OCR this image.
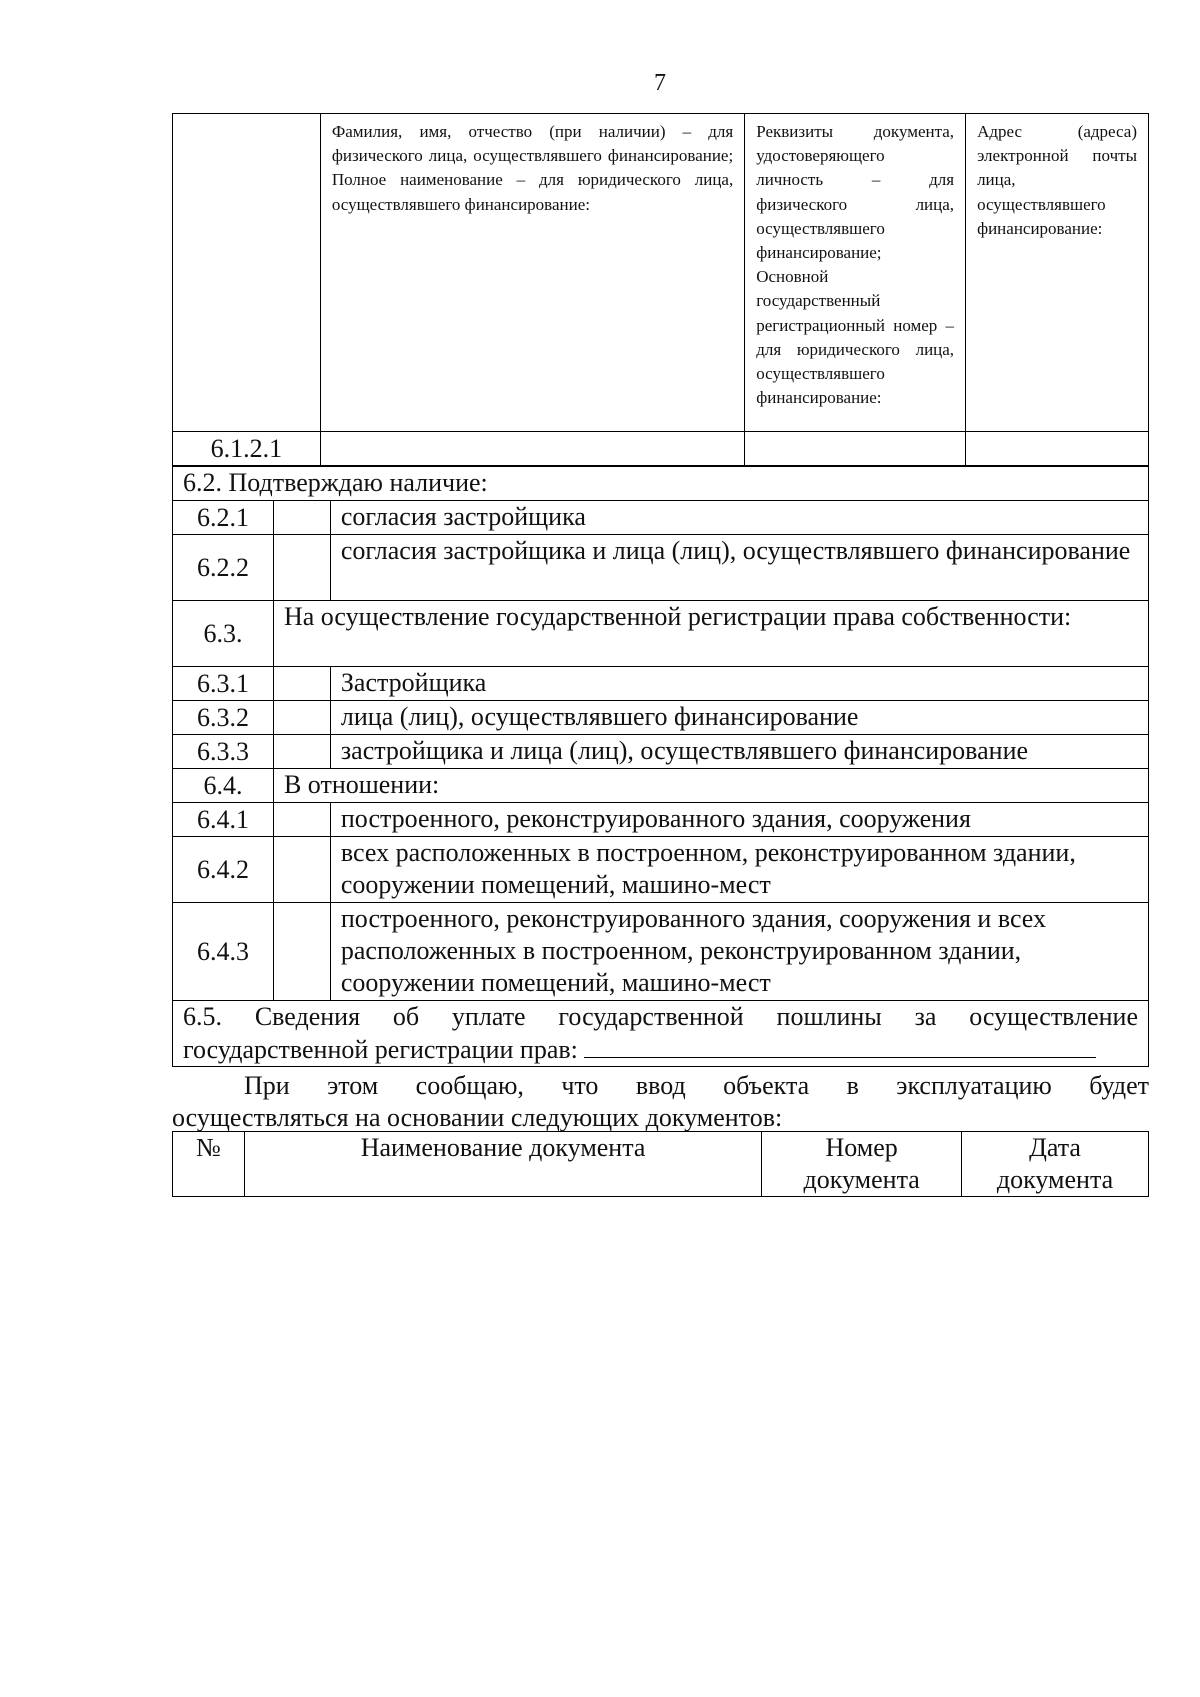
7
	Фамилия, имя, отчество (при наличии) – для физического лица, осуществлявшего финансирование; Полное наименование – для юридического лица, осуществлявшего финансирование:	Реквизиты документа, удостоверяющего личность – для физического лица, осуществлявшего финансирование; Основной государственный регистрационный номер – для юридического лица, осуществлявшего финансирование:	Адрес (адреса) электронной почты лица, осуществлявшего финансирование:
6.1.2.1			
6.2. Подтверждаю наличие:		
6.2.1		согласия застройщика
6.2.2		согласия застройщика и лица (лиц), осуществлявшего финансирование
6.3.	На осуществление государственной регистрации права собственности:	
6.3.1		Застройщика
6.3.2		лица (лиц), осуществлявшего финансирование
6.3.3		застройщика и лица (лиц), осуществлявшего финансирование
6.4.	В отношении:	
6.4.1		построенного, реконструированного здания, сооружения
6.4.2		всех расположенных в построенном, реконструированном здании, сооружении помещений, машино-мест
6.4.3		построенного, реконструированного здания, сооружения и всех расположенных в построенном, реконструированном здании, сооружении помещений, машино-мест
6.5. Сведения об уплате государственной пошлины за осуществление государственной регистрации прав:		
При этом сообщаю, что ввод объекта в эксплуатацию будет
осуществляться на основании следующих документов:
№	Наименование документа	Номер документа	Дата документа
